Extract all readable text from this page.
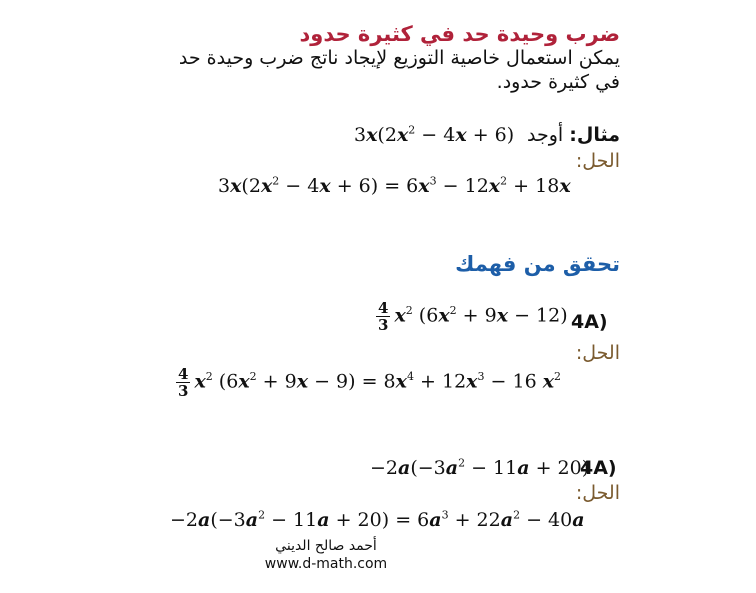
ضرب وحيدة حد في كثيرة حدود
يمكن استعمال خاصية التوزيع لإيجاد ناتج ضرب وحيدة حد
في كثيرة حدود.
مثال: أوجد
$3x(2x^2 - 4x + 6)$
الحل:
$3x(2x^2 - 4x + 6) = 6x^3 - 12x^2 + 18x$
تحقق من فهمك
4A)
$\frac{4}{3} x^2$ $(6x^2 + 9x - 12)$
الحل:
$\frac{4}{3} x^2$ $(6x^2 + 9x - 9) = 8x^4 + 12x^3 - 16$ $x^2$
4A)
$-2a(-3a^2 - 11a + 20)$
الحل:
$-2a(-3a^2 - 11a + 20) = 6a^3 + 22a^2 - 40a$
أحمد صالح الديني
www.d-math.com
